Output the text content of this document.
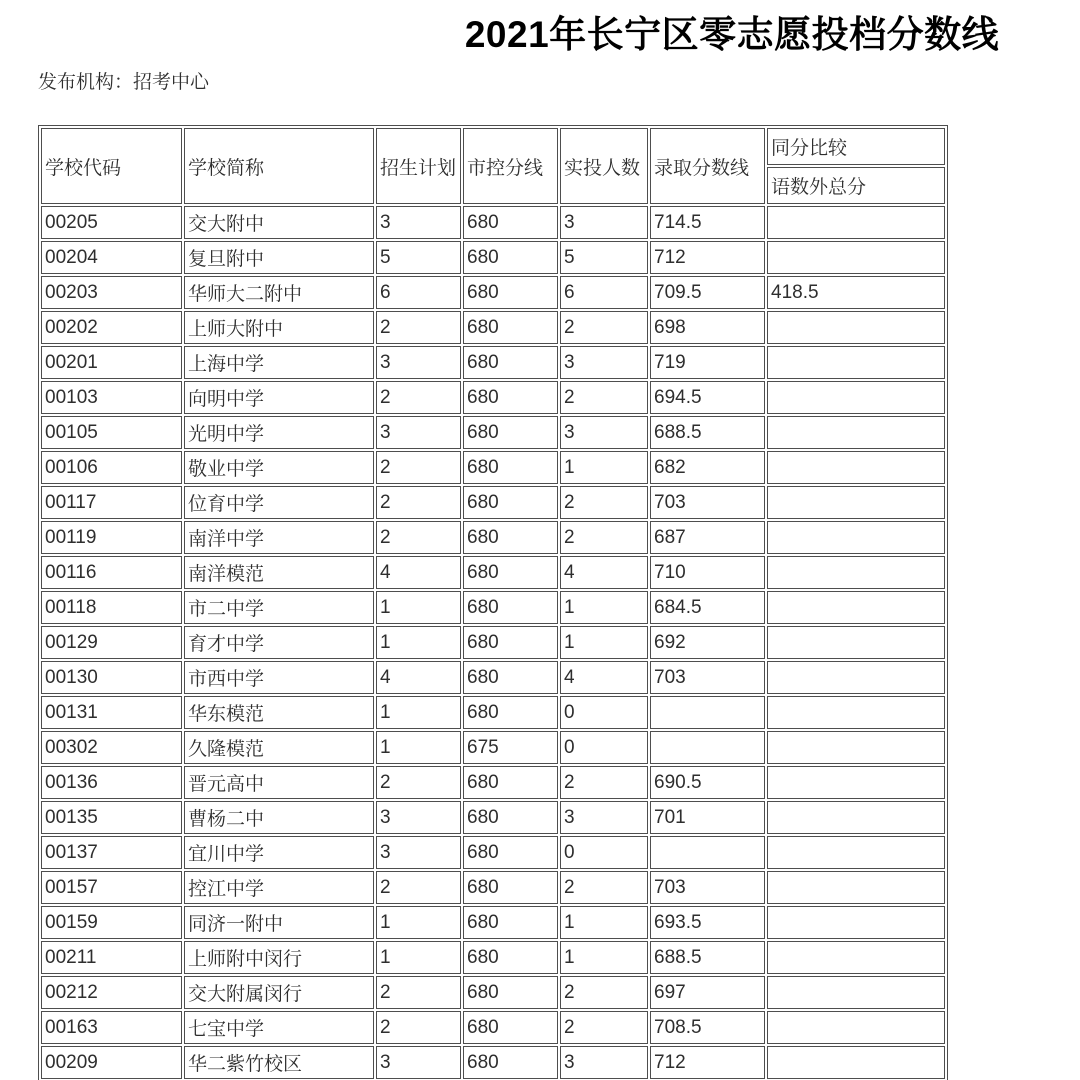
2021年长宁区零志愿投档分数线
发布机构：招考中心
学校代码	学校简称	招生计划	市控分线	实投人数	录取分数线	同分比较
						语数外总分
00205	交大附中	3	680	3	714.5	
00204	复旦附中	5	680	5	712	
00203	华师大二附中	6	680	6	709.5	418.5
00202	上师大附中	2	680	2	698	
00201	上海中学	3	680	3	719	
00103	向明中学	2	680	2	694.5	
00105	光明中学	3	680	3	688.5	
00106	敬业中学	2	680	1	682	
00117	位育中学	2	680	2	703	
00119	南洋中学	2	680	2	687	
00116	南洋模范	4	680	4	710	
00118	市二中学	1	680	1	684.5	
00129	育才中学	1	680	1	692	
00130	市西中学	4	680	4	703	
00131	华东模范	1	680	0		
00302	久隆模范	1	675	0		
00136	晋元高中	2	680	2	690.5	
00135	曹杨二中	3	680	3	701	
00137	宜川中学	3	680	0		
00157	控江中学	2	680	2	703	
00159	同济一附中	1	680	1	693.5	
00211	上师附中闵行	1	680	1	688.5	
00212	交大附属闵行	2	680	2	697	
00163	七宝中学	2	680	2	708.5	
00209	华二紫竹校区	3	680	3	712	
